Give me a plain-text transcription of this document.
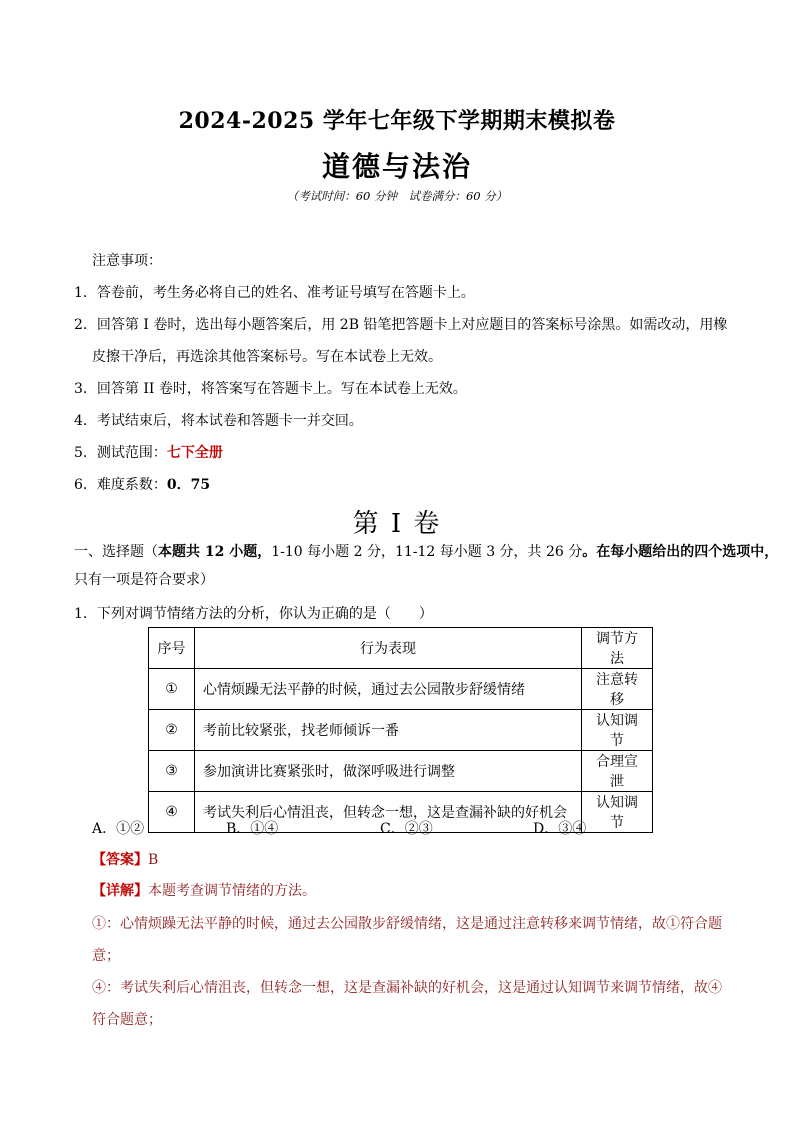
2024-2025 学年七年级下学期期末模拟卷
道德与法治
（考试时间：60 分钟　试卷满分：60 分）
注意事项：
1．答卷前，考生务必将自己的姓名、准考证号填写在答题卡上。
2．回答第 I 卷时，选出每小题答案后，用 2B 铅笔把答题卡上对应题目的答案标号涂黑。如需改动，用橡
皮擦干净后，再选涂其他答案标号。写在本试卷上无效。
3．回答第 II 卷时，将答案写在答题卡上。写在本试卷上无效。
4．考试结束后，将本试卷和答题卡一并交回。
5．测试范围：七下全册
6．难度系数：0．75
第 I 卷
一、选择题（本题共 12 小题，1-10 每小题 2 分，11-12 每小题 3 分，共 26 分。在每小题给出的四个选项中，
只有一项是符合要求）
1．下列对调节情绪方法的分析，你认为正确的是（　　）
序号	行为表现	调节方法
①	心情烦躁无法平静的时候，通过去公园散步舒缓情绪	注意转移
②	考前比较紧张，找老师倾诉一番	认知调节
③	参加演讲比赛紧张时，做深呼吸进行调整	合理宣泄
④	考试失利后心情沮丧，但转念一想，这是查漏补缺的好机会	认知调节
A．①②	B．①④	C．②③	D．③④
【答案】B
【详解】本题考查调节情绪的方法。
①：心情烦躁无法平静的时候，通过去公园散步舒缓情绪，这是通过注意转移来调节情绪，故①符合题
意；
④：考试失利后心情沮丧，但转念一想，这是查漏补缺的好机会，这是通过认知调节来调节情绪，故④
符合题意；
